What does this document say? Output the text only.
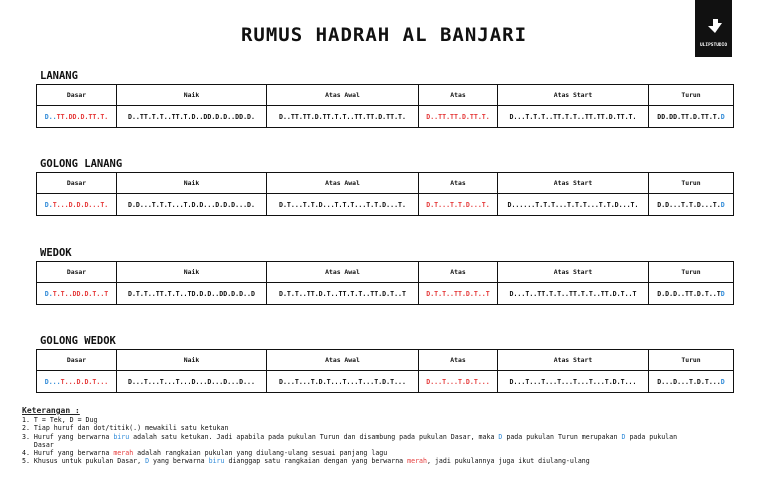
RUMUS HADRAH AL BANJARI	ULIPSTUDIO
LANANG
Dasar	Naik	Atas Awal	Atas	Atas Start	Turun
D..TT.DD.D.TT.T.	D..TT.T.T..TT.T.D..DD.D.D..DD.D.	D..TT.TT.D.TT.T.T..TT.TT.D.TT.T.	D..TT.TT.D.TT.T.	D...T.T.T..TT.T.T..TT.TT.D.TT.T.	DD.DD.TT.D.TT.T.D
GOLONG LANANG
Dasar	Naik	Atas Awal	Atas	Atas Start	Turun
D.T...D.D.D...T.	D.D...T.T.T...T.D.D...D.D.D...D.	D.T...T.T.D...T.T.T...T.T.D...T.	D.T...T.T.D...T.	D......T.T.T...T.T.T...T.T.D...T.	D.D...T.T.D...T.D
WEDOK
Dasar	Naik	Atas Awal	Atas	Atas Start	Turun
D.T.T..DD.D.T..T	D.T.T..TT.T.T..TD.D.D..DD.D.D..D	D.T.T..TT.D.T..TT.T.T..TT.D.T..T	D.T.T..TT.D.T..T	D...T..TT.T.T..TT.T.T..TT.D.T..T	D.D.D..TT.D.T..TD
GOLONG WEDOK
Dasar	Naik	Atas Awal	Atas	Atas Start	Turun
D...T...D.D.T...	D...T...T...T...D...D...D...D...	D...T...T.D.T...T...T...T.D.T...	D...T...T.D.T...	D...T...T...T...T...T...T.D.T...	D...D...T.D.T...D
Keterangan :
1. T = Tek, D = Dug
2. Tiap huruf dan dot/titik(.) mewakili satu ketukan
3. Huruf yang berwarna biru adalah satu ketukan. Jadi apabila pada pukulan Turun dan disambung pada pukulan Dasar, maka D pada pukulan Turun merupakan D pada pukulan
Dasar
4. Huruf yang berwarna merah adalah rangkaian pukulan yang diulang-ulang sesuai panjang lagu
5. Khusus untuk pukulan Dasar, D yang berwarna biru dianggap satu rangkaian dengan yang berwarna merah, jadi pukulannya juga ikut diulang-ulang
